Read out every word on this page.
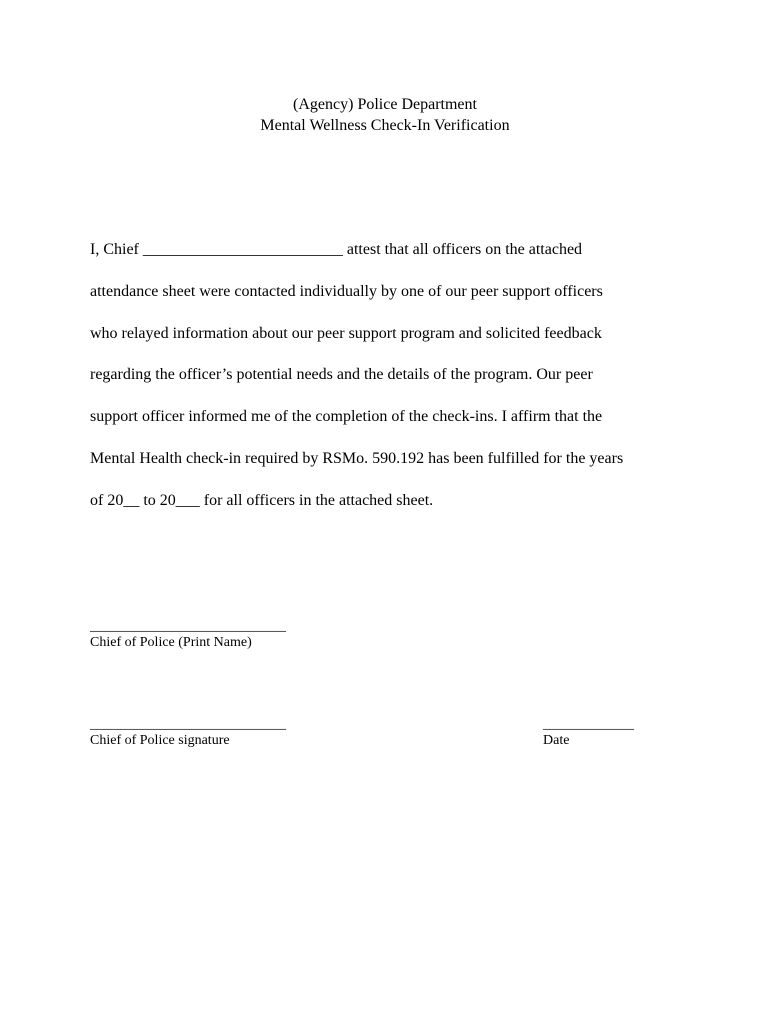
(Agency) Police Department
Mental Wellness Check-In Verification
I, Chief _________________________ attest that all officers on the attached
attendance sheet were contacted individually by one of our peer support officers
who relayed information about our peer support program and solicited feedback
regarding the officer’s potential needs and the details of the program. Our peer
support officer informed me of the completion of the check-ins. I affirm that the
Mental Health check-in required by RSMo. 590.192 has been fulfilled for the years
of 20__ to 20___ for all officers in the attached sheet.
____________________________
Chief of Police (Print Name)
____________________________
Chief of Police signature
_____________
Date
